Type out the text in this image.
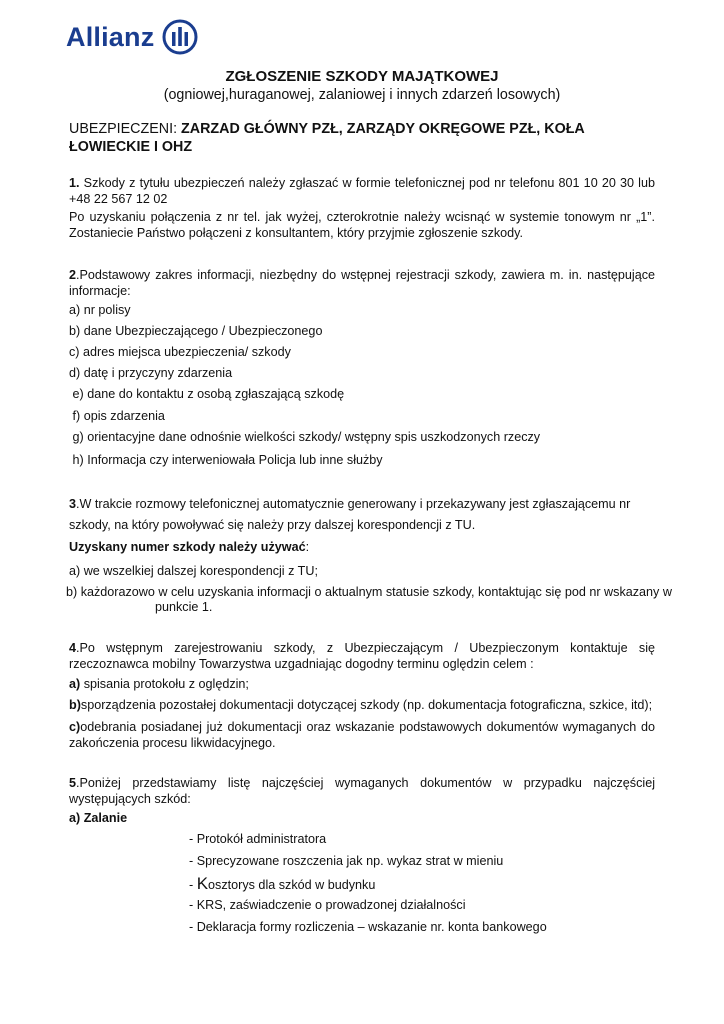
Allianz
ZGŁOSZENIE SZKODY MAJĄTKOWEJ
(ogniowej,huraganowej, zalaniowej i innych zdarzeń losowych)
UBEZPIECZENI: ZARZAD GŁÓWNY PZŁ, ZARZĄDY OKRĘGOWE PZŁ, KOŁA ŁOWIECKIE I OHZ
1. Szkody z tytułu ubezpieczeń należy zgłaszać w formie telefonicznej pod nr telefonu 801 10 20 30 lub +48 22 567 12 02
Po uzyskaniu połączenia z nr tel. jak wyżej, czterokrotnie należy wcisnąć w systemie tonowym nr „1”. Zostaniecie Państwo połączeni z konsultantem, który przyjmie zgłoszenie szkody.
2.Podstawowy zakres informacji, niezbędny do wstępnej rejestracji szkody, zawiera m. in. następujące informacje:
a) nr polisy
b) dane Ubezpieczającego / Ubezpieczonego
c) adres miejsca ubezpieczenia/ szkody
d) datę i przyczyny zdarzenia
e) dane do kontaktu z osobą zgłaszającą szkodę
f) opis zdarzenia
g) orientacyjne dane odnośnie wielkości szkody/ wstępny spis uszkodzonych rzeczy
h) Informacja czy interweniowała Policja lub inne służby
3.W trakcie rozmowy telefonicznej automatycznie generowany i przekazywany jest zgłaszającemu nr
szkody, na który powoływać się należy przy dalszej korespondencji z TU.
Uzyskany numer szkody należy używać:
a) we wszelkiej dalszej korespondencji z TU;
b) każdorazowo w celu uzyskania informacji o aktualnym statusie szkody, kontaktując się pod nr wskazany w
punkcie 1.
4.Po wstępnym zarejestrowaniu szkody, z Ubezpieczającym / Ubezpieczonym kontaktuje się rzeczoznawca mobilny Towarzystwa uzgadniając dogodny terminu oględzin celem :
a) spisania protokołu z oględzin;
b)sporządzenia pozostałej dokumentacji dotyczącej szkody (np. dokumentacja fotograficzna, szkice, itd);
c)odebrania posiadanej już dokumentacji oraz wskazanie podstawowych dokumentów wymaganych do zakończenia procesu likwidacyjnego.
5.Poniżej przedstawiamy listę najczęściej wymaganych dokumentów w przypadku najczęściej występujących szkód:
a) Zalanie
- Protokół administratora
- Sprecyzowane roszczenia jak np. wykaz strat w mieniu
- Kosztorys dla szkód w budynku
- KRS, zaświadczenie o prowadzonej działalności
- Deklaracja formy rozliczenia – wskazanie nr. konta bankowego
